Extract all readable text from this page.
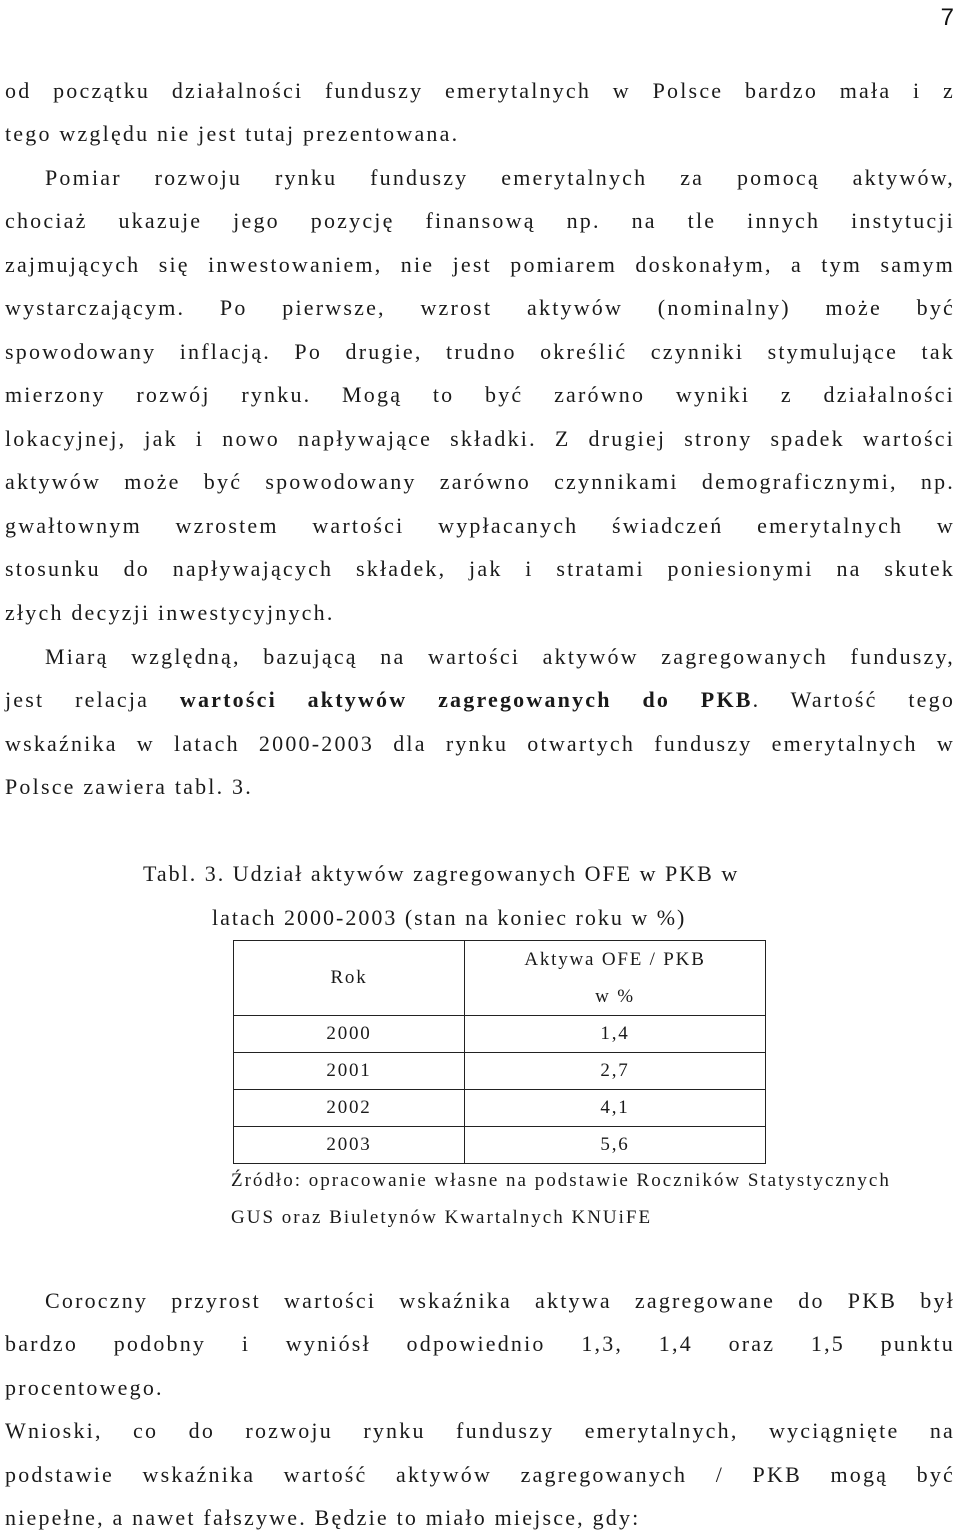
7
od początku działalności funduszy emerytalnych w Polsce bardzo mała i z
tego względu nie jest tutaj prezentowana.
Pomiar rozwoju rynku funduszy emerytalnych za pomocą aktywów,
chociaż ukazuje jego pozycję finansową np. na tle innych instytucji
zajmujących się inwestowaniem, nie jest pomiarem doskonałym, a tym samym
wystarczającym. Po pierwsze, wzrost aktywów (nominalny) może być
spowodowany inflacją. Po drugie, trudno określić czynniki stymulujące tak
mierzony rozwój rynku. Mogą to być zarówno wyniki z działalności
lokacyjnej, jak i nowo napływające składki. Z drugiej strony spadek wartości
aktywów może być spowodowany zarówno czynnikami demograficznymi, np.
gwałtownym wzrostem wartości wypłacanych świadczeń emerytalnych w
stosunku do napływających składek, jak i stratami poniesionymi na skutek
złych decyzji inwestycyjnych.
Miarą względną, bazującą na wartości aktywów zagregowanych funduszy,
jest relacja wartości aktywów zagregowanych do PKB. Wartość tego
wskaźnika w latach 2000-2003 dla rynku otwartych funduszy emerytalnych w
Polsce zawiera tabl. 3.
Tabl. 3. Udział aktywów zagregowanych OFE w PKB w
latach 2000-2003 (stan na koniec roku w %)
Rok	Aktywa OFE / PKB
w %

2000	1,4
2001	2,7
2002	4,1
2003	5,6
Źródło: opracowanie własne na podstawie Roczników Statystycznych
GUS oraz Biuletynów Kwartalnych KNUiFE
Coroczny przyrost wartości wskaźnika aktywa zagregowane do PKB był
bardzo podobny i wyniósł odpowiednio 1,3, 1,4 oraz 1,5 punktu
procentowego.
Wnioski, co do rozwoju rynku funduszy emerytalnych, wyciągnięte na
podstawie wskaźnika wartość aktywów zagregowanych / PKB mogą być
niepełne, a nawet fałszywe. Będzie to miało miejsce, gdy:
